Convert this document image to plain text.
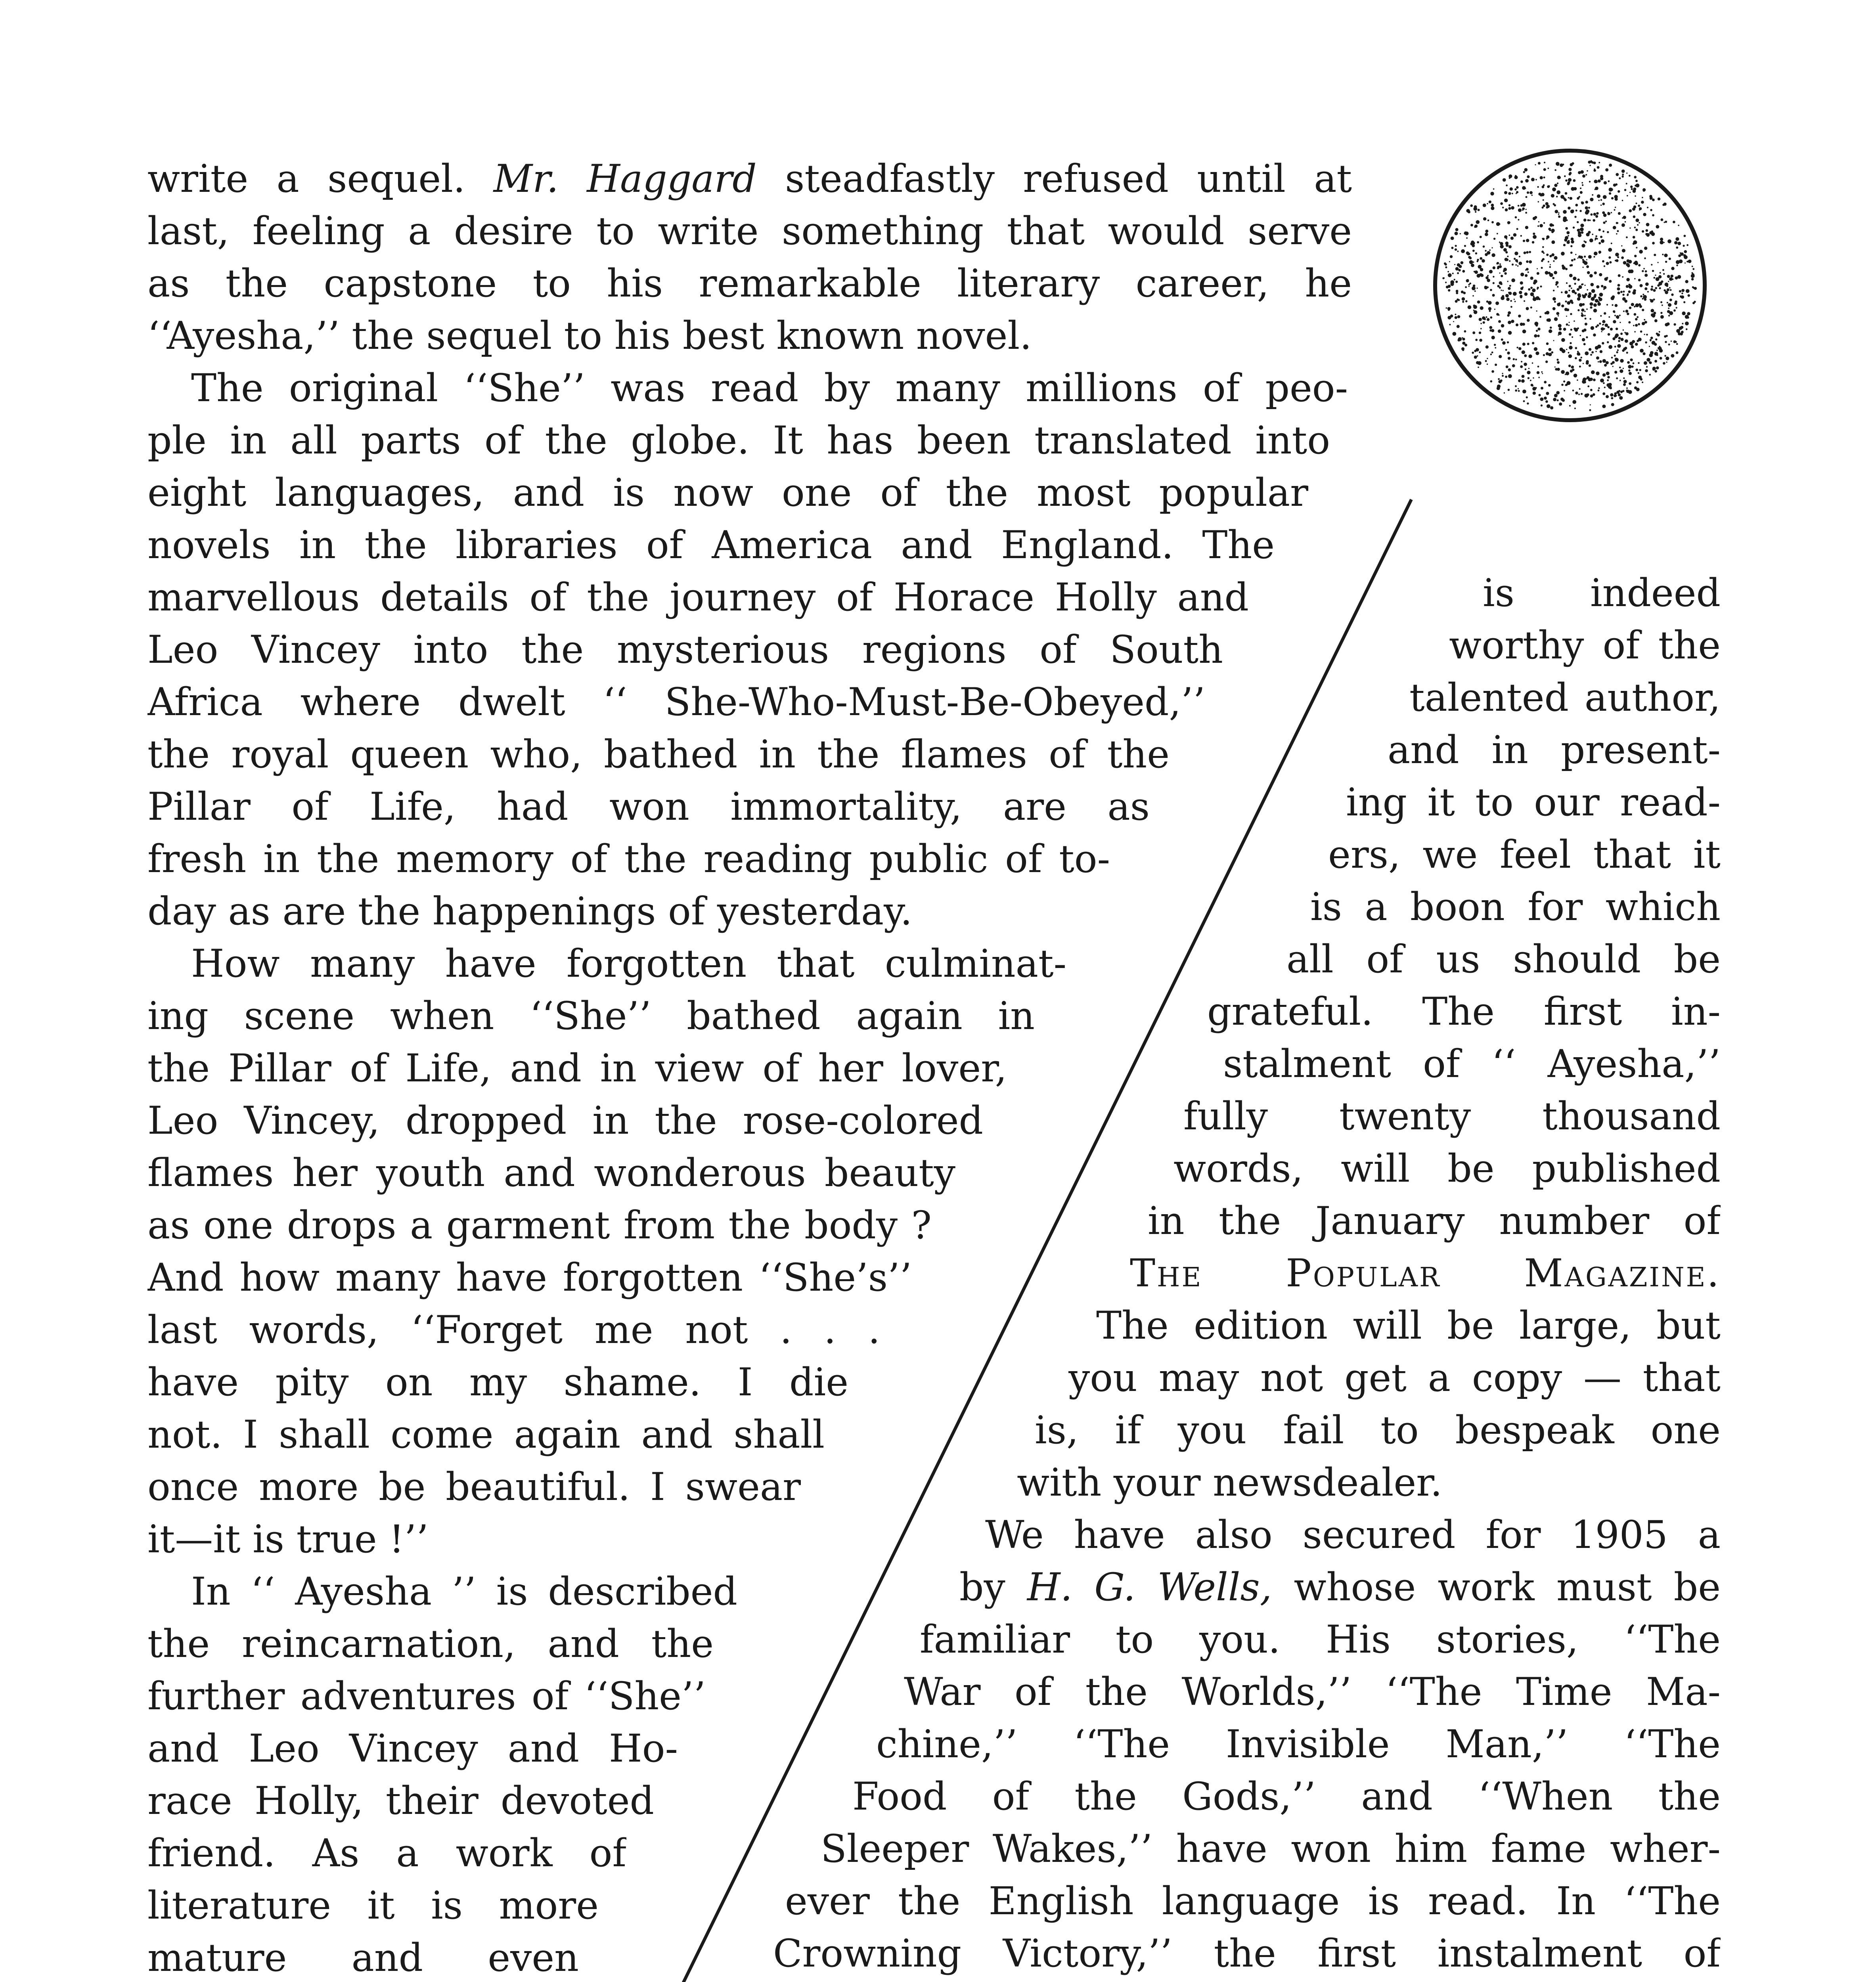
write a sequel. Mr. Haggard steadfastly refused until at

last, feeling a desire to write something that would serve

as the capstone to his remarkable literary career, he

‘‘Ayesha,’’ the sequel to his best known novel.

The original ‘‘She’’ was read by many millions of peo-

ple in all parts of the globe. It has been translated into

eight languages, and is now one of the most popular

novels in the libraries of America and England. The

marvellous details of the journey of Horace Holly and

Leo Vincey into the mysterious regions of South

Africa where dwelt ‘‘ She-Who-Must-Be-Obeyed,’’

the royal queen who, bathed in the flames of the

Pillar of Life, had won immortality, are as

fresh in the memory of the reading public of to-

day as are the happenings of yesterday.

How many have forgotten that culminat-

ing scene when ‘‘She’’ bathed again in

the Pillar of Life, and in view of her lover,

Leo Vincey, dropped in the rose-colored

flames her youth and wonderous beauty

as one drops a garment from the body ?

And how many have forgotten ‘‘She’s’’

last words, ‘‘Forget me not . . .

have pity on my shame. I die

not. I shall come again and shall

once more be beautiful. I swear

it—it is true !’’

In ‘‘ Ayesha ’’ is described

the reincarnation, and the

further adventures of ‘‘She’’

and Leo Vincey and Ho-

race Holly, their devoted

friend. As a work of

literature it is more

mature and even

is indeed

worthy of the

talented author,

and in present-

ing it to our read-

ers, we feel that it

is a boon for which

all of us should be

grateful. The first in-

stalment of ‘‘ Ayesha,’’

fully twenty thousand

words, will be published

in the January number of

The Popular Magazine.

The edition will be large, but

you may not get a copy — that

is, if you fail to bespeak one

with your newsdealer.

We have also secured for 1905 a

by H. G. Wells, whose work must be

familiar to you. His stories, ‘‘The

War of the Worlds,’’ ‘‘The Time Ma-

chine,’’ ‘‘The Invisible Man,’’ ‘‘The

Food of the Gods,’’ and ‘‘When the

Sleeper Wakes,’’ have won him fame wher-

ever the English language is read. In ‘‘The

Crowning Victory,’’ the first instalment of
